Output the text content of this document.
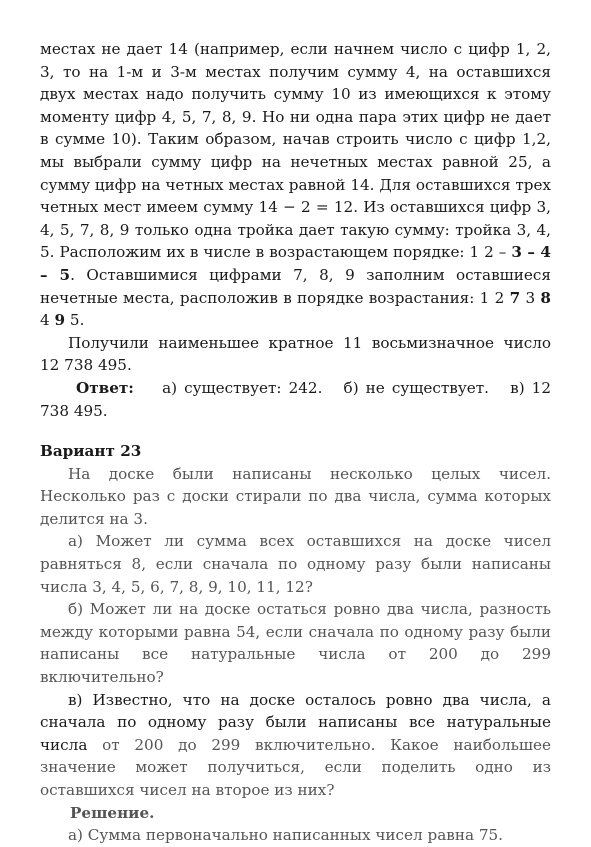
местах не дает 14 (например, если начнем число с цифр 1, 2, 3, то на 1-м и 3-м местах получим сумму 4, на оставшихся двух местах надо получить сумму 10 из имеющихся к этому моменту цифр 4, 5, 7, 8, 9. Но ни одна пара этих цифр не дает в сумме 10). Таким образом, начав строить число с цифр 1,2, мы выбрали сумму цифр на нечетных местах равной 25, а сумму цифр на четных местах равной 14. Для оставшихся трех четных мест имеем сумму 14 − 2 = 12. Из оставшихся цифр 3, 4, 5, 7, 8, 9 только одна тройка дает такую сумму: тройка 3, 4, 5. Расположим их в числе в возрастающем порядке: 1 2 – 3 – 4 – 5. Оставшимися цифрами 7, 8, 9 заполним оставшиеся нечетные места, расположив в порядке возрастания: 1 2 7 3 8 4 9 5.

Получили наименьшее кратное 11 восьмизначное число 12 738 495.

Ответ:    а) существует: 242.   б) не существует.   в) 12 738 495.

Вариант 23

На доске были написаны несколько целых чисел. Несколько раз с доски стирали по два числа, сумма которых делится на 3.

а) Может ли сумма всех оставшихся на доске чисел равняться 8, если сначала по одному разу были написаны числа 3, 4, 5, 6, 7, 8, 9, 10, 11, 12?

б) Может ли на доске остаться ровно два числа, разность между которыми равна 54, если сначала по одному разу были написаны все натуральные числа от 200 до 299 включительно?

в) Известно, что на доске осталось ровно два числа, а сначала по одному разу были написаны все натуральные числа от 200 до 299 включительно. Какое наибольшее значение может получиться, если поделить одно из оставшихся чисел на второе из них?

Решение.

а) Сумма первоначально написанных чисел равна 75.
